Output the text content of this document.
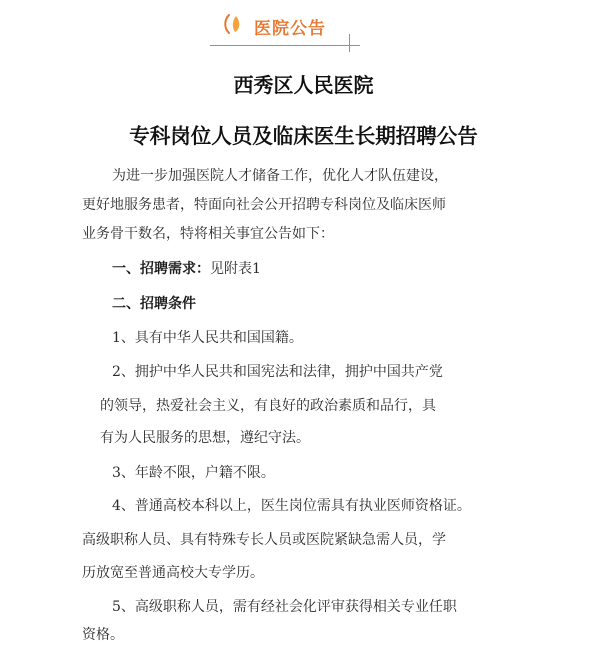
医院公告
西秀区人民医院
专科岗位人员及临床医生长期招聘公告
为进一步加强医院人才储备工作，优化人才队伍建设，
更好地服务患者，特面向社会公开招聘专科岗位及临床医师
业务骨干数名，特将相关事宜公告如下：
一、招聘需求：见附表1
二、招聘条件
1、具有中华人民共和国国籍。
2、拥护中华人民共和国宪法和法律，拥护中国共产党
的领导，热爱社会主义，有良好的政治素质和品行，具
有为人民服务的思想，遵纪守法。
3、年龄不限，户籍不限。
4、普通高校本科以上，医生岗位需具有执业医师资格证。
高级职称人员、具有特殊专长人员或医院紧缺急需人员，学
历放宽至普通高校大专学历。
5、高级职称人员，需有经社会化评审获得相关专业任职
资格。
